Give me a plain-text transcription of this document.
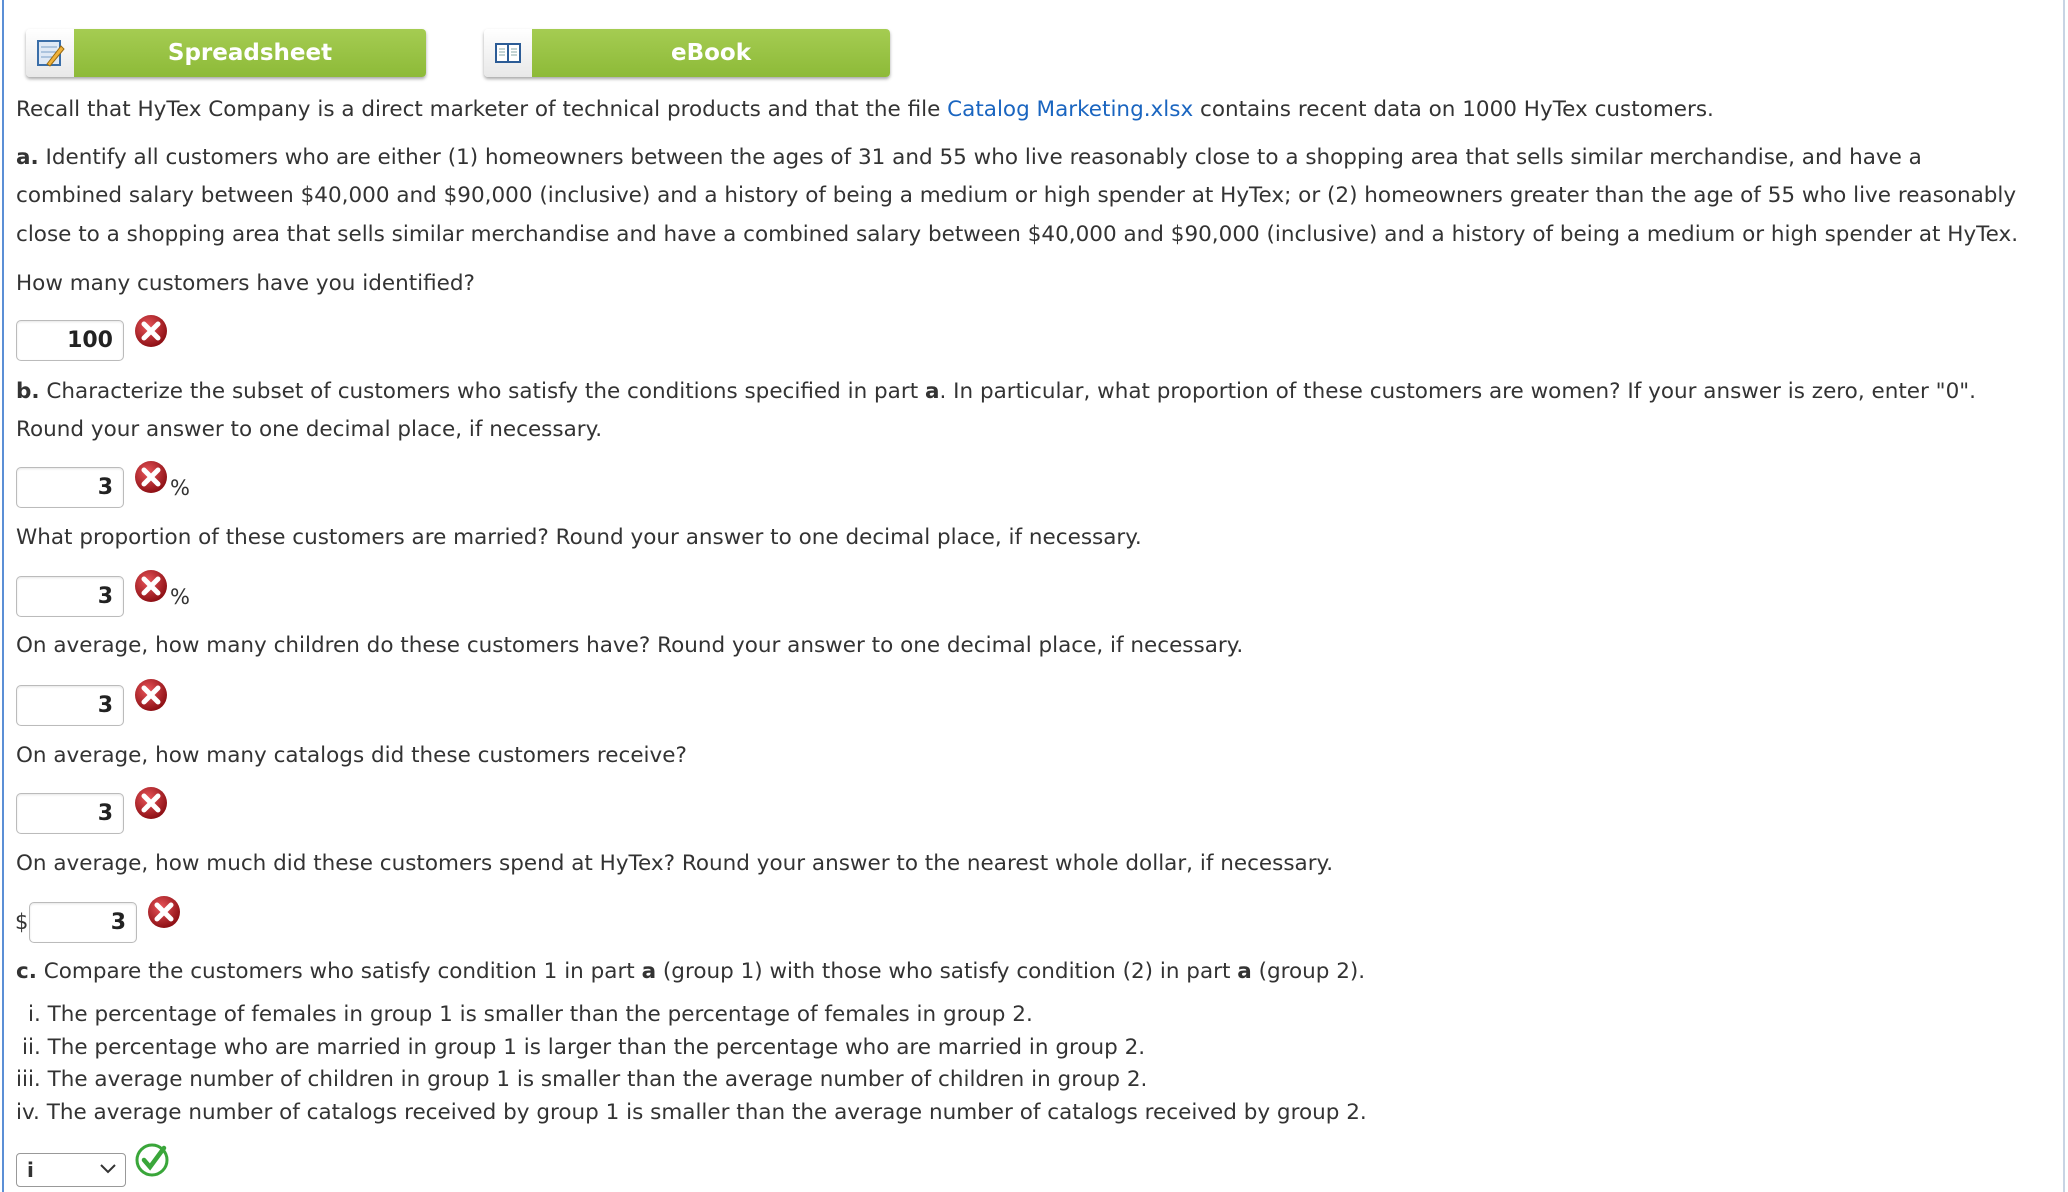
Spreadsheet	eBook
Recall that HyTex Company is a direct marketer of technical products and that the file Catalog Marketing.xlsx contains recent data on 1000 HyTex customers.
a. Identify all customers who are either (1) homeowners between the ages of 31 and 55 who live reasonably close to a shopping area that sells similar merchandise, and have a
combined salary between $40,000 and $90,000 (inclusive) and a history of being a medium or high spender at HyTex; or (2) homeowners greater than the age of 55 who live reasonably
close to a shopping area that sells similar merchandise and have a combined salary between $40,000 and $90,000 (inclusive) and a history of being a medium or high spender at HyTex.
How many customers have you identified?
100
b. Characterize the subset of customers who satisfy the conditions specified in part a. In particular, what proportion of these customers are women? If your answer is zero, enter "0".
Round your answer to one decimal place, if necessary.
3	%
What proportion of these customers are married? Round your answer to one decimal place, if necessary.
3	%
On average, how many children do these customers have? Round your answer to one decimal place, if necessary.
3
On average, how many catalogs did these customers receive?
3
On average, how much did these customers spend at HyTex? Round your answer to the nearest whole dollar, if necessary.
$	3
c. Compare the customers who satisfy condition 1 in part a (group 1) with those who satisfy condition (2) in part a (group 2).
i. The percentage of females in group 1 is smaller than the percentage of females in group 2.
ii. The percentage who are married in group 1 is larger than the percentage who are married in group 2.
iii. The average number of children in group 1 is smaller than the average number of children in group 2.
iv. The average number of catalogs received by group 1 is smaller than the average number of catalogs received by group 2.
i
